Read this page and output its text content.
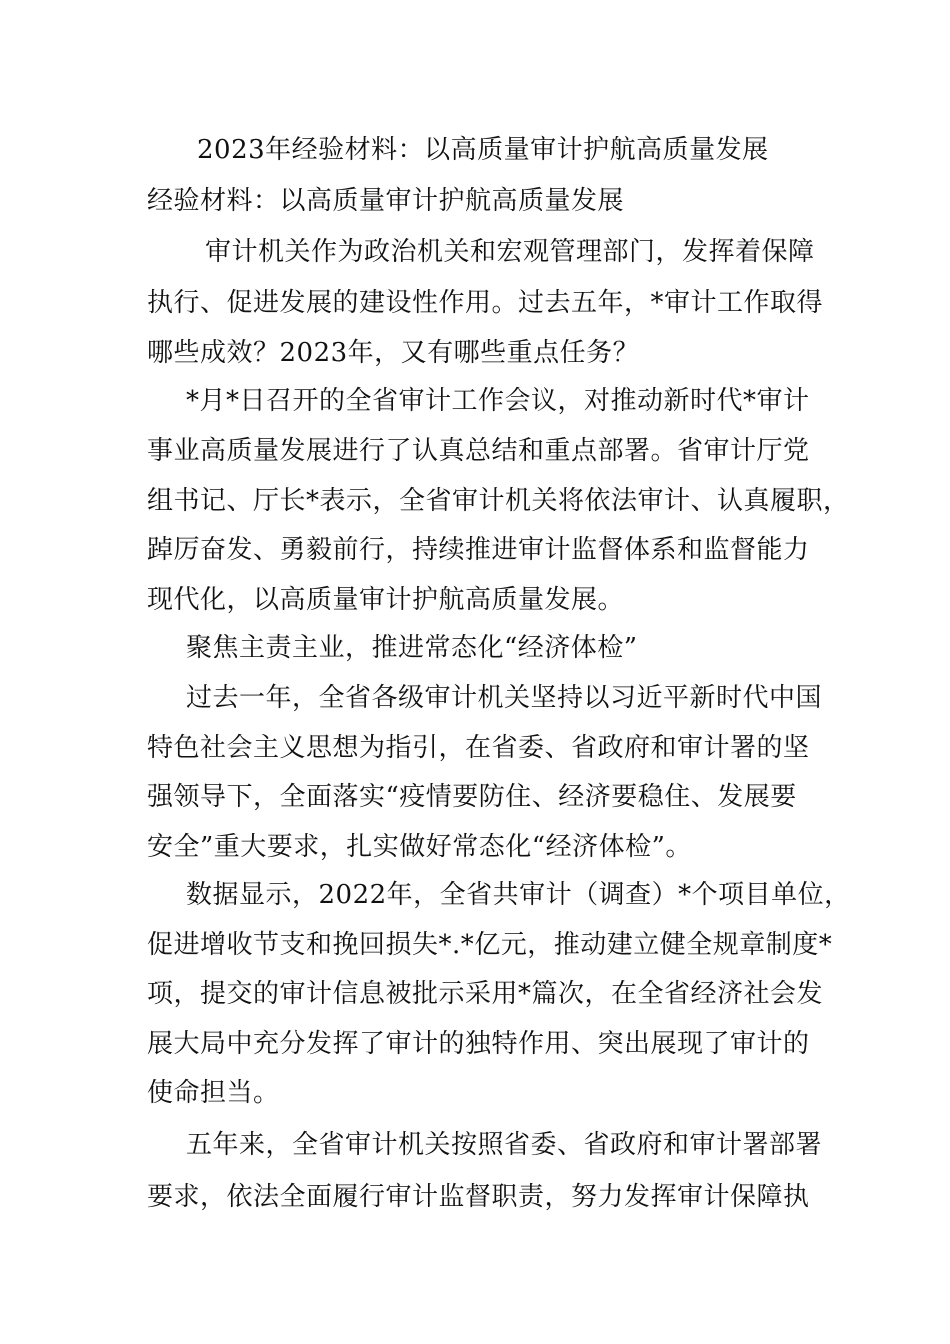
2023年经验材料：以高质量审计护航高质量发展
经验材料：以高质量审计护航高质量发展
审计机关作为政治机关和宏观管理部门，发挥着保障
执行、促进发展的建设性作用。过去五年，*审计工作取得
哪些成效？2023年，又有哪些重点任务？
*月*日召开的全省审计工作会议，对推动新时代*审计
事业高质量发展进行了认真总结和重点部署。省审计厅党
组书记、厅长*表示，全省审计机关将依法审计、认真履职，
踔厉奋发、勇毅前行，持续推进审计监督体系和监督能力
现代化，以高质量审计护航高质量发展。
聚焦主责主业，推进常态化“经济体检”
过去一年，全省各级审计机关坚持以习近平新时代中国
特色社会主义思想为指引，在省委、省政府和审计署的坚
强领导下，全面落实“疫情要防住、经济要稳住、发展要
安全”重大要求，扎实做好常态化“经济体检”。
数据显示，2022年，全省共审计（调查）*个项目单位，
促进增收节支和挽回损失*.*亿元，推动建立健全规章制度*
项，提交的审计信息被批示采用*篇次，在全省经济社会发
展大局中充分发挥了审计的独特作用、突出展现了审计的
使命担当。
五年来，全省审计机关按照省委、省政府和审计署部署
要求，依法全面履行审计监督职责，努力发挥审计保障执
